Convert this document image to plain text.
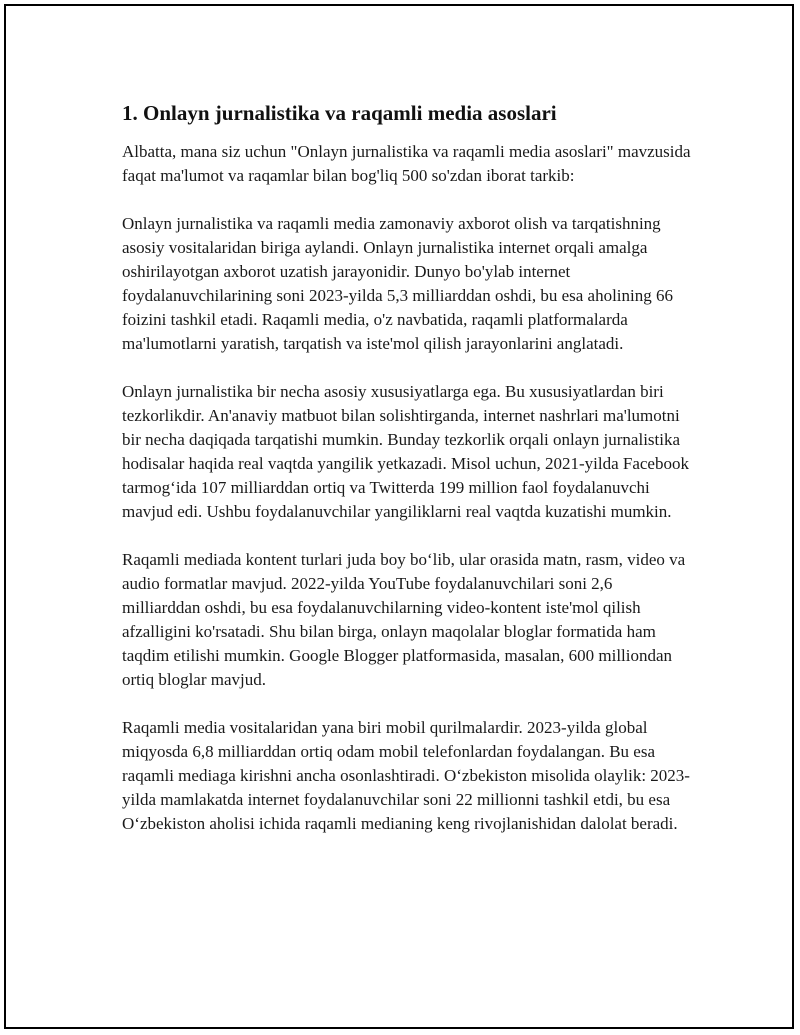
1. Onlayn jurnalistika va raqamli media asoslari

Albatta, mana siz uchun "Onlayn jurnalistika va raqamli media asoslari" mavzusida faqat ma'lumot va raqamlar bilan bog'liq 500 so'zdan iborat tarkib:

Onlayn jurnalistika va raqamli media zamonaviy axborot olish va tarqatishning asosiy vositalaridan biriga aylandi. Onlayn jurnalistika internet orqali amalga oshirilayotgan axborot uzatish jarayonidir. Dunyo bo'ylab internet foydalanuvchilarining soni 2023-yilda 5,3 milliarddan oshdi, bu esa aholining 66 foizini tashkil etadi. Raqamli media, o'z navbatida, raqamli platformalarda ma'lumotlarni yaratish, tarqatish va iste'mol qilish jarayonlarini anglatadi.

Onlayn jurnalistika bir necha asosiy xususiyatlarga ega. Bu xususiyatlardan biri tezkorlikdir. An'anaviy matbuot bilan solishtirganda, internet nashrlari ma'lumotni bir necha daqiqada tarqatishi mumkin. Bunday tezkorlik orqali onlayn jurnalistika hodisalar haqida real vaqtda yangilik yetkazadi. Misol uchun, 2021-yilda Facebook tarmog‘ida 107 milliarddan ortiq va Twitterda 199 million faol foydalanuvchi mavjud edi. Ushbu foydalanuvchilar yangiliklarni real vaqtda kuzatishi mumkin.

Raqamli mediada kontent turlari juda boy bo‘lib, ular orasida matn, rasm, video va audio formatlar mavjud. 2022-yilda YouTube foydalanuvchilari soni 2,6 milliarddan oshdi, bu esa foydalanuvchilarning video-kontent iste'mol qilish afzalligini ko'rsatadi. Shu bilan birga, onlayn maqolalar bloglar formatida ham taqdim etilishi mumkin. Google Blogger platformasida, masalan, 600 milliondan ortiq bloglar mavjud.

Raqamli media vositalaridan yana biri mobil qurilmalardir. 2023-yilda global miqyosda 6,8 milliarddan ortiq odam mobil telefonlardan foydalangan. Bu esa raqamli mediaga kirishni ancha osonlashtiradi. O‘zbekiston misolida olaylik: 2023-yilda mamlakatda internet foydalanuvchilar soni 22 millionni tashkil etdi, bu esa O‘zbekiston aholisi ichida raqamli medianing keng rivojlanishidan dalolat beradi.
